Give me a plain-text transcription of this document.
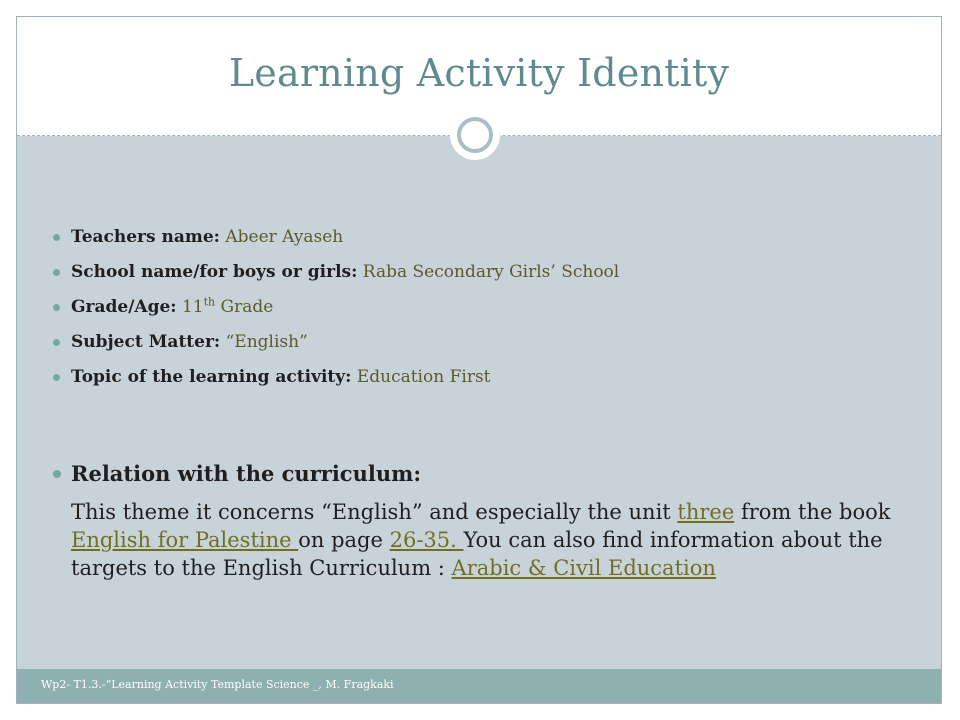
Learning Activity Identity
Teachers name: Abeer Ayaseh
School name/for boys or girls: Raba Secondary Girls’ School
Grade/Age: 11th Grade
Subject Matter: “English”
Topic of the learning activity: Education First
Relation with the curriculum:
This theme it concerns “English” and especially the unit three from the book English for Palestine on page 26-35. You can also find information about the targets to the English Curriculum : Arabic & Civil Education
Wp2- T1.3.-“Learning Activity Template Science _, M. Fragkaki
